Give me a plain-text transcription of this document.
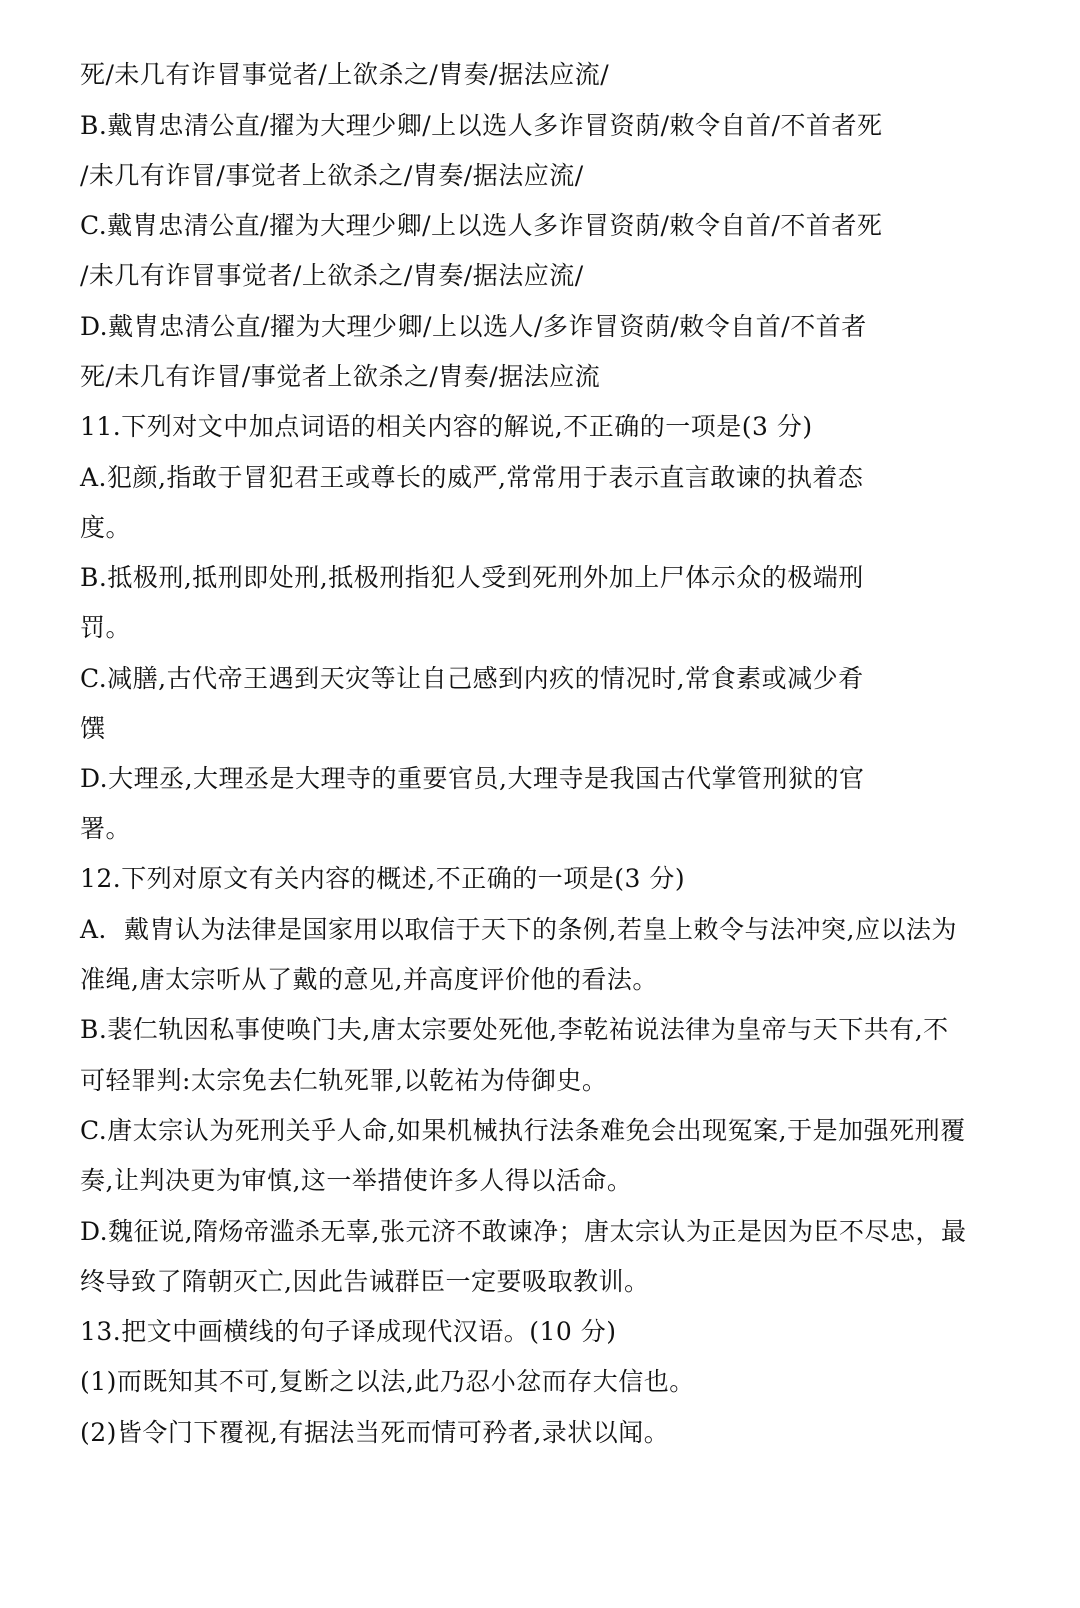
死/未几有诈冒事觉者/上欲杀之/胄奏/据法应流/
B.戴胄忠清公直/擢为大理少卿/上以选人多诈冒资荫/敕令自首/不首者死
/未几有诈冒/事觉者上欲杀之/胄奏/据法应流/
C.戴胄忠清公直/擢为大理少卿/上以选人多诈冒资荫/敕令自首/不首者死
/未几有诈冒事觉者/上欲杀之/胄奏/据法应流/
D.戴胄忠清公直/擢为大理少卿/上以选人/多诈冒资荫/敕令自首/不首者
死/未几有诈冒/事觉者上欲杀之/胄奏/据法应流
11.下列对文中加点词语的相关内容的解说,不正确的一项是(3 分)
A.犯颜,指敢于冒犯君王或尊长的威严,常常用于表示直言敢谏的执着态
度。
B.抵极刑,抵刑即处刑,抵极刑指犯人受到死刑外加上尸体示众的极端刑
罚。
C.减膳,古代帝王遇到天灾等让自己感到内疚的情况时,常食素或减少肴
馔
D.大理丞,大理丞是大理寺的重要官员,大理寺是我国古代掌管刑狱的官
署。
12.下列对原文有关内容的概述,不正确的一项是(3 分)
A．戴胄认为法律是国家用以取信于天下的条例,若皇上敕令与法冲突,应以法为
准绳,唐太宗听从了戴的意见,并高度评价他的看法。
B.裴仁轨因私事使唤门夫,唐太宗要处死他,李乾祐说法律为皇帝与天下共有,不
可轻罪判:太宗免去仁轨死罪,以乾祐为侍御史。
C.唐太宗认为死刑关乎人命,如果机械执行法条难免会出现冤案,于是加强死刑覆
奏,让判决更为审慎,这一举措使许多人得以活命。
D.魏征说,隋炀帝滥杀无辜,张元济不敢谏净；唐太宗认为正是因为臣不尽忠，最
终导致了隋朝灭亡,因此告诫群臣一定要吸取教训。
13.把文中画横线的句子译成现代汉语。(10 分)
(1)而既知其不可,复断之以法,此乃忍小忿而存大信也。
(2)皆令门下覆视,有据法当死而情可矜者,录状以闻。
